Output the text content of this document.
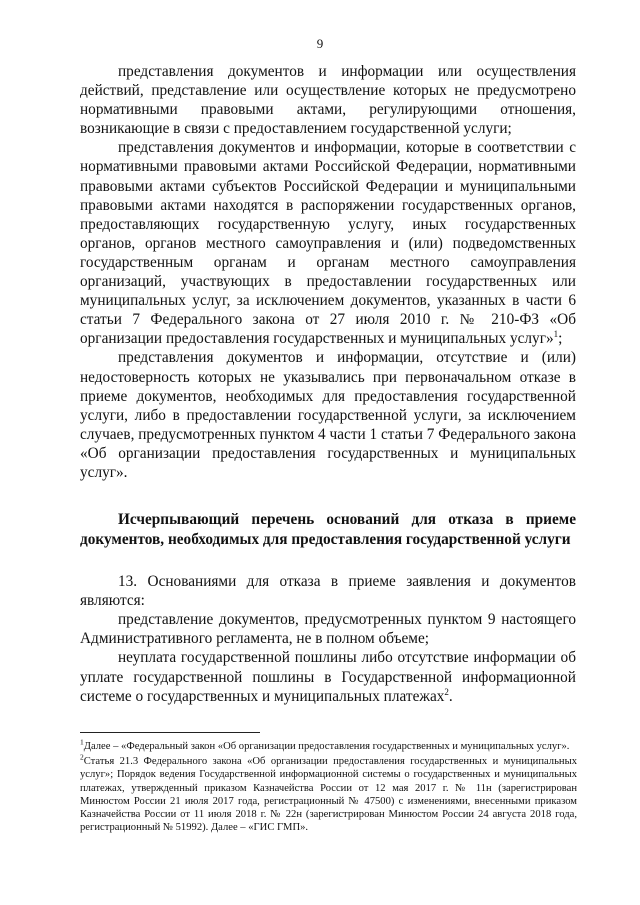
9

представления документов и информации или осуществления действий, представление или осуществление которых не предусмотрено нормативными правовыми актами, регулирующими отношения, возникающие в связи с предоставлением государственной услуги;

представления документов и информации, которые в соответствии с нормативными правовыми актами Российской Федерации, нормативными правовыми актами субъектов Российской Федерации и муниципальными правовыми актами находятся в распоряжении государственных органов, предоставляющих государственную услугу, иных государственных органов, органов местного самоуправления и (или) подведомственных государственным органам и органам местного самоуправления организаций, участвующих в предоставлении государственных или муниципальных услуг, за исключением документов, указанных в части 6 статьи 7 Федерального закона от 27 июля 2010 г. № 210-ФЗ «Об организации предоставления государственных и муниципальных услуг»$^1$;

представления документов и информации, отсутствие и (или) недостоверность которых не указывались при первоначальном отказе в приеме документов, необходимых для предоставления государственной услуги, либо в предоставлении государственной услуги, за исключением случаев, предусмотренных пунктом 4 части 1 статьи 7 Федерального закона «Об организации предоставления государственных и муниципальных услуг».

Исчерпывающий перечень оснований для отказа в приеме документов, необходимых для предоставления государственной услуги

13. Основаниями для отказа в приеме заявления и документов являются:

представление документов, предусмотренных пунктом 9 настоящего Административного регламента, не в полном объеме;

неуплата государственной пошлины либо отсутствие информации об уплате государственной пошлины в Государственной информационной системе о государственных и муниципальных платежах$^2$.

$^1$Далее – «Федеральный закон «Об организации предоставления государственных и муниципальных услуг».

$^2$Статья 21.3 Федерального закона «Об организации предоставления государственных и муниципальных услуг»; Порядок ведения Государственной информационной системы о государственных и муниципальных платежах, утвержденный приказом Казначейства России от 12 мая 2017 г. № 11н (зарегистрирован Минюстом России 21 июля 2017 года, регистрационный № 47500) с изменениями, внесенными приказом Казначейства России от 11 июля 2018 г. № 22н (зарегистрирован Минюстом России 24 августа 2018 года, регистрационный № 51992). Далее – «ГИС ГМП».
